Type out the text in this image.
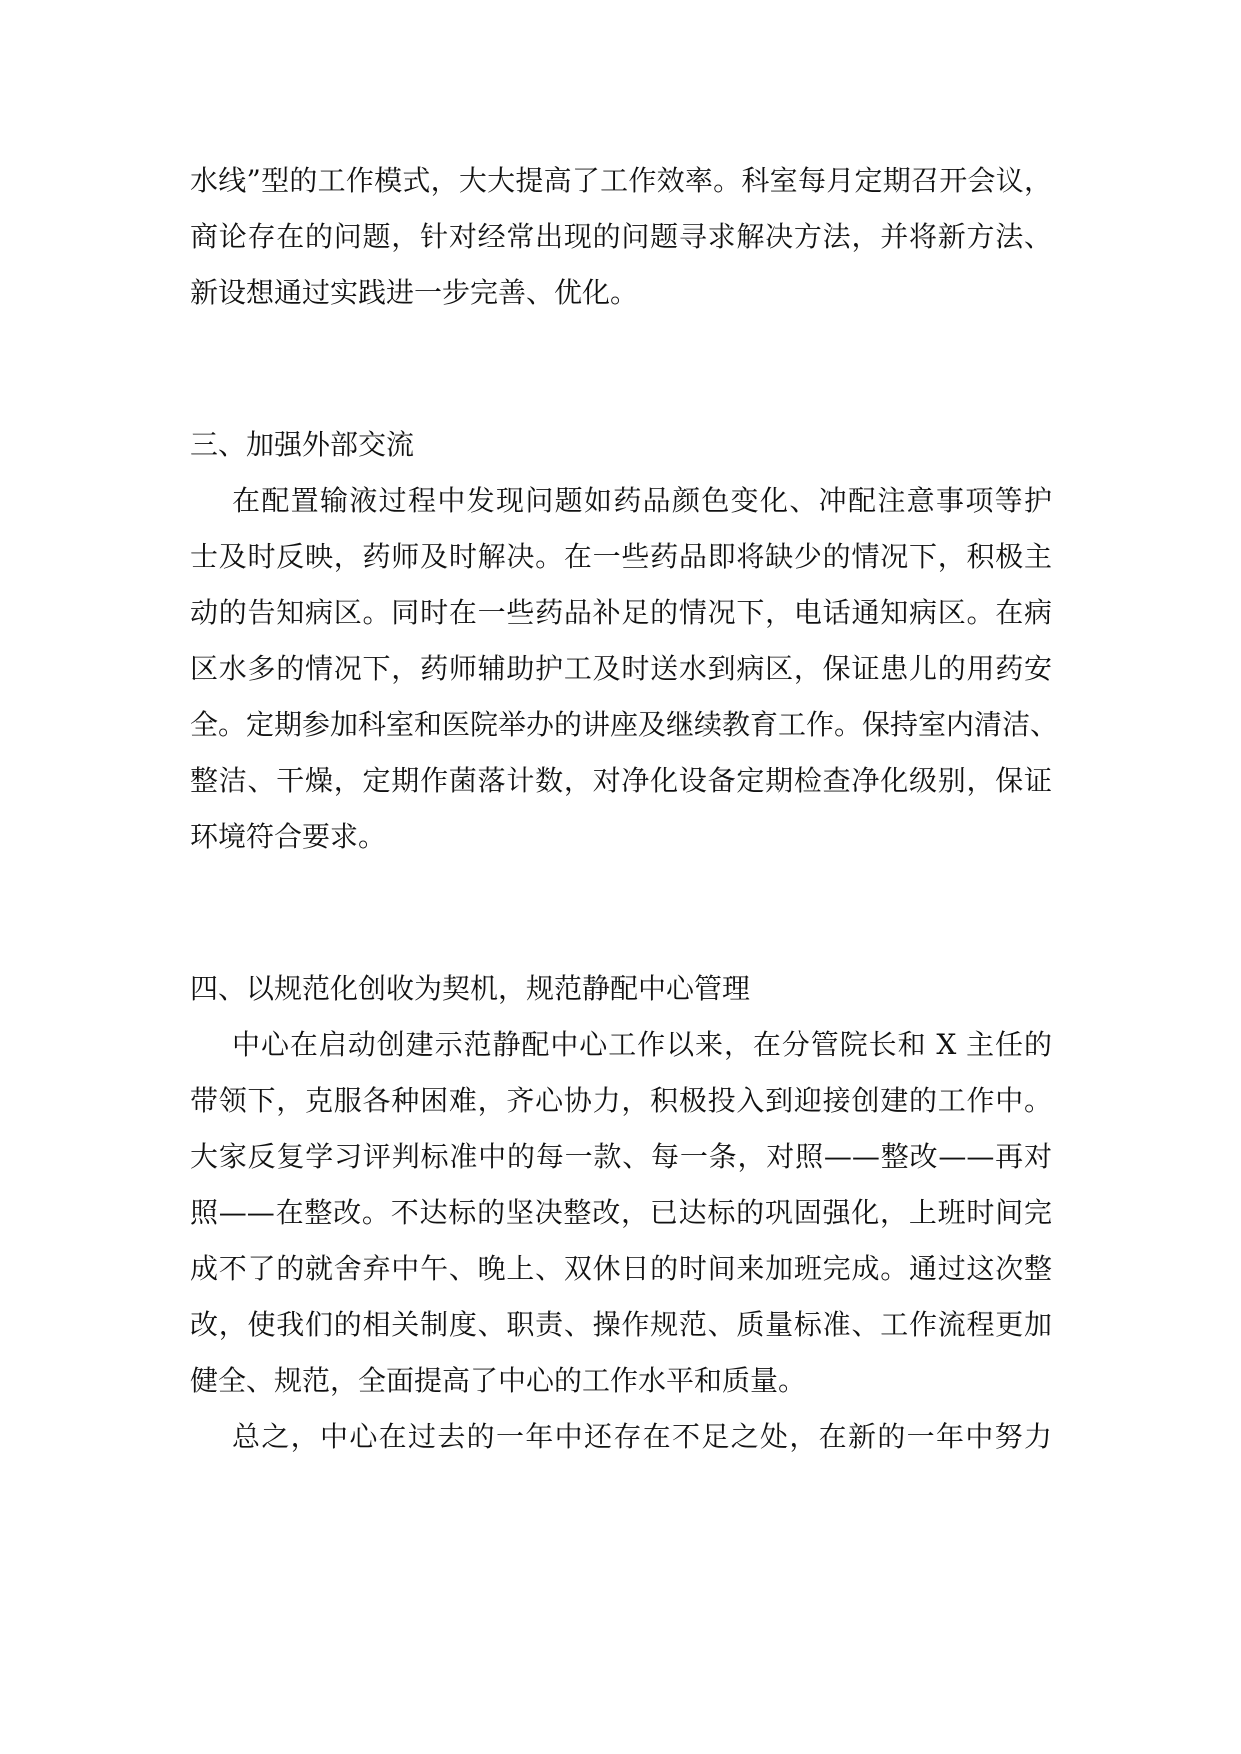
水线”型的工作模式，大大提高了工作效率。科室每月定期召开会议，
商论存在的问题，针对经常出现的问题寻求解决方法，并将新方法、
新设想通过实践进一步完善、优化。
三、加强外部交流
在配置输液过程中发现问题如药品颜色变化、冲配注意事项等护
士及时反映，药师及时解决。在一些药品即将缺少的情况下，积极主
动的告知病区。同时在一些药品补足的情况下，电话通知病区。在病
区水多的情况下，药师辅助护工及时送水到病区，保证患儿的用药安
全。定期参加科室和医院举办的讲座及继续教育工作。保持室内清洁、
整洁、干燥，定期作菌落计数，对净化设备定期检查净化级别，保证
环境符合要求。
四、以规范化创收为契机，规范静配中心管理
中心在启动创建示范静配中心工作以来，在分管院长和 X 主任的
带领下，克服各种困难，齐心协力，积极投入到迎接创建的工作中。
大家反复学习评判标准中的每一款、每一条，对照——整改——再对
照——在整改。不达标的坚决整改，已达标的巩固强化，上班时间完
成不了的就舍弃中午、晚上、双休日的时间来加班完成。通过这次整
改，使我们的相关制度、职责、操作规范、质量标准、工作流程更加
健全、规范，全面提高了中心的工作水平和质量。
总之，中心在过去的一年中还存在不足之处，在新的一年中努力
